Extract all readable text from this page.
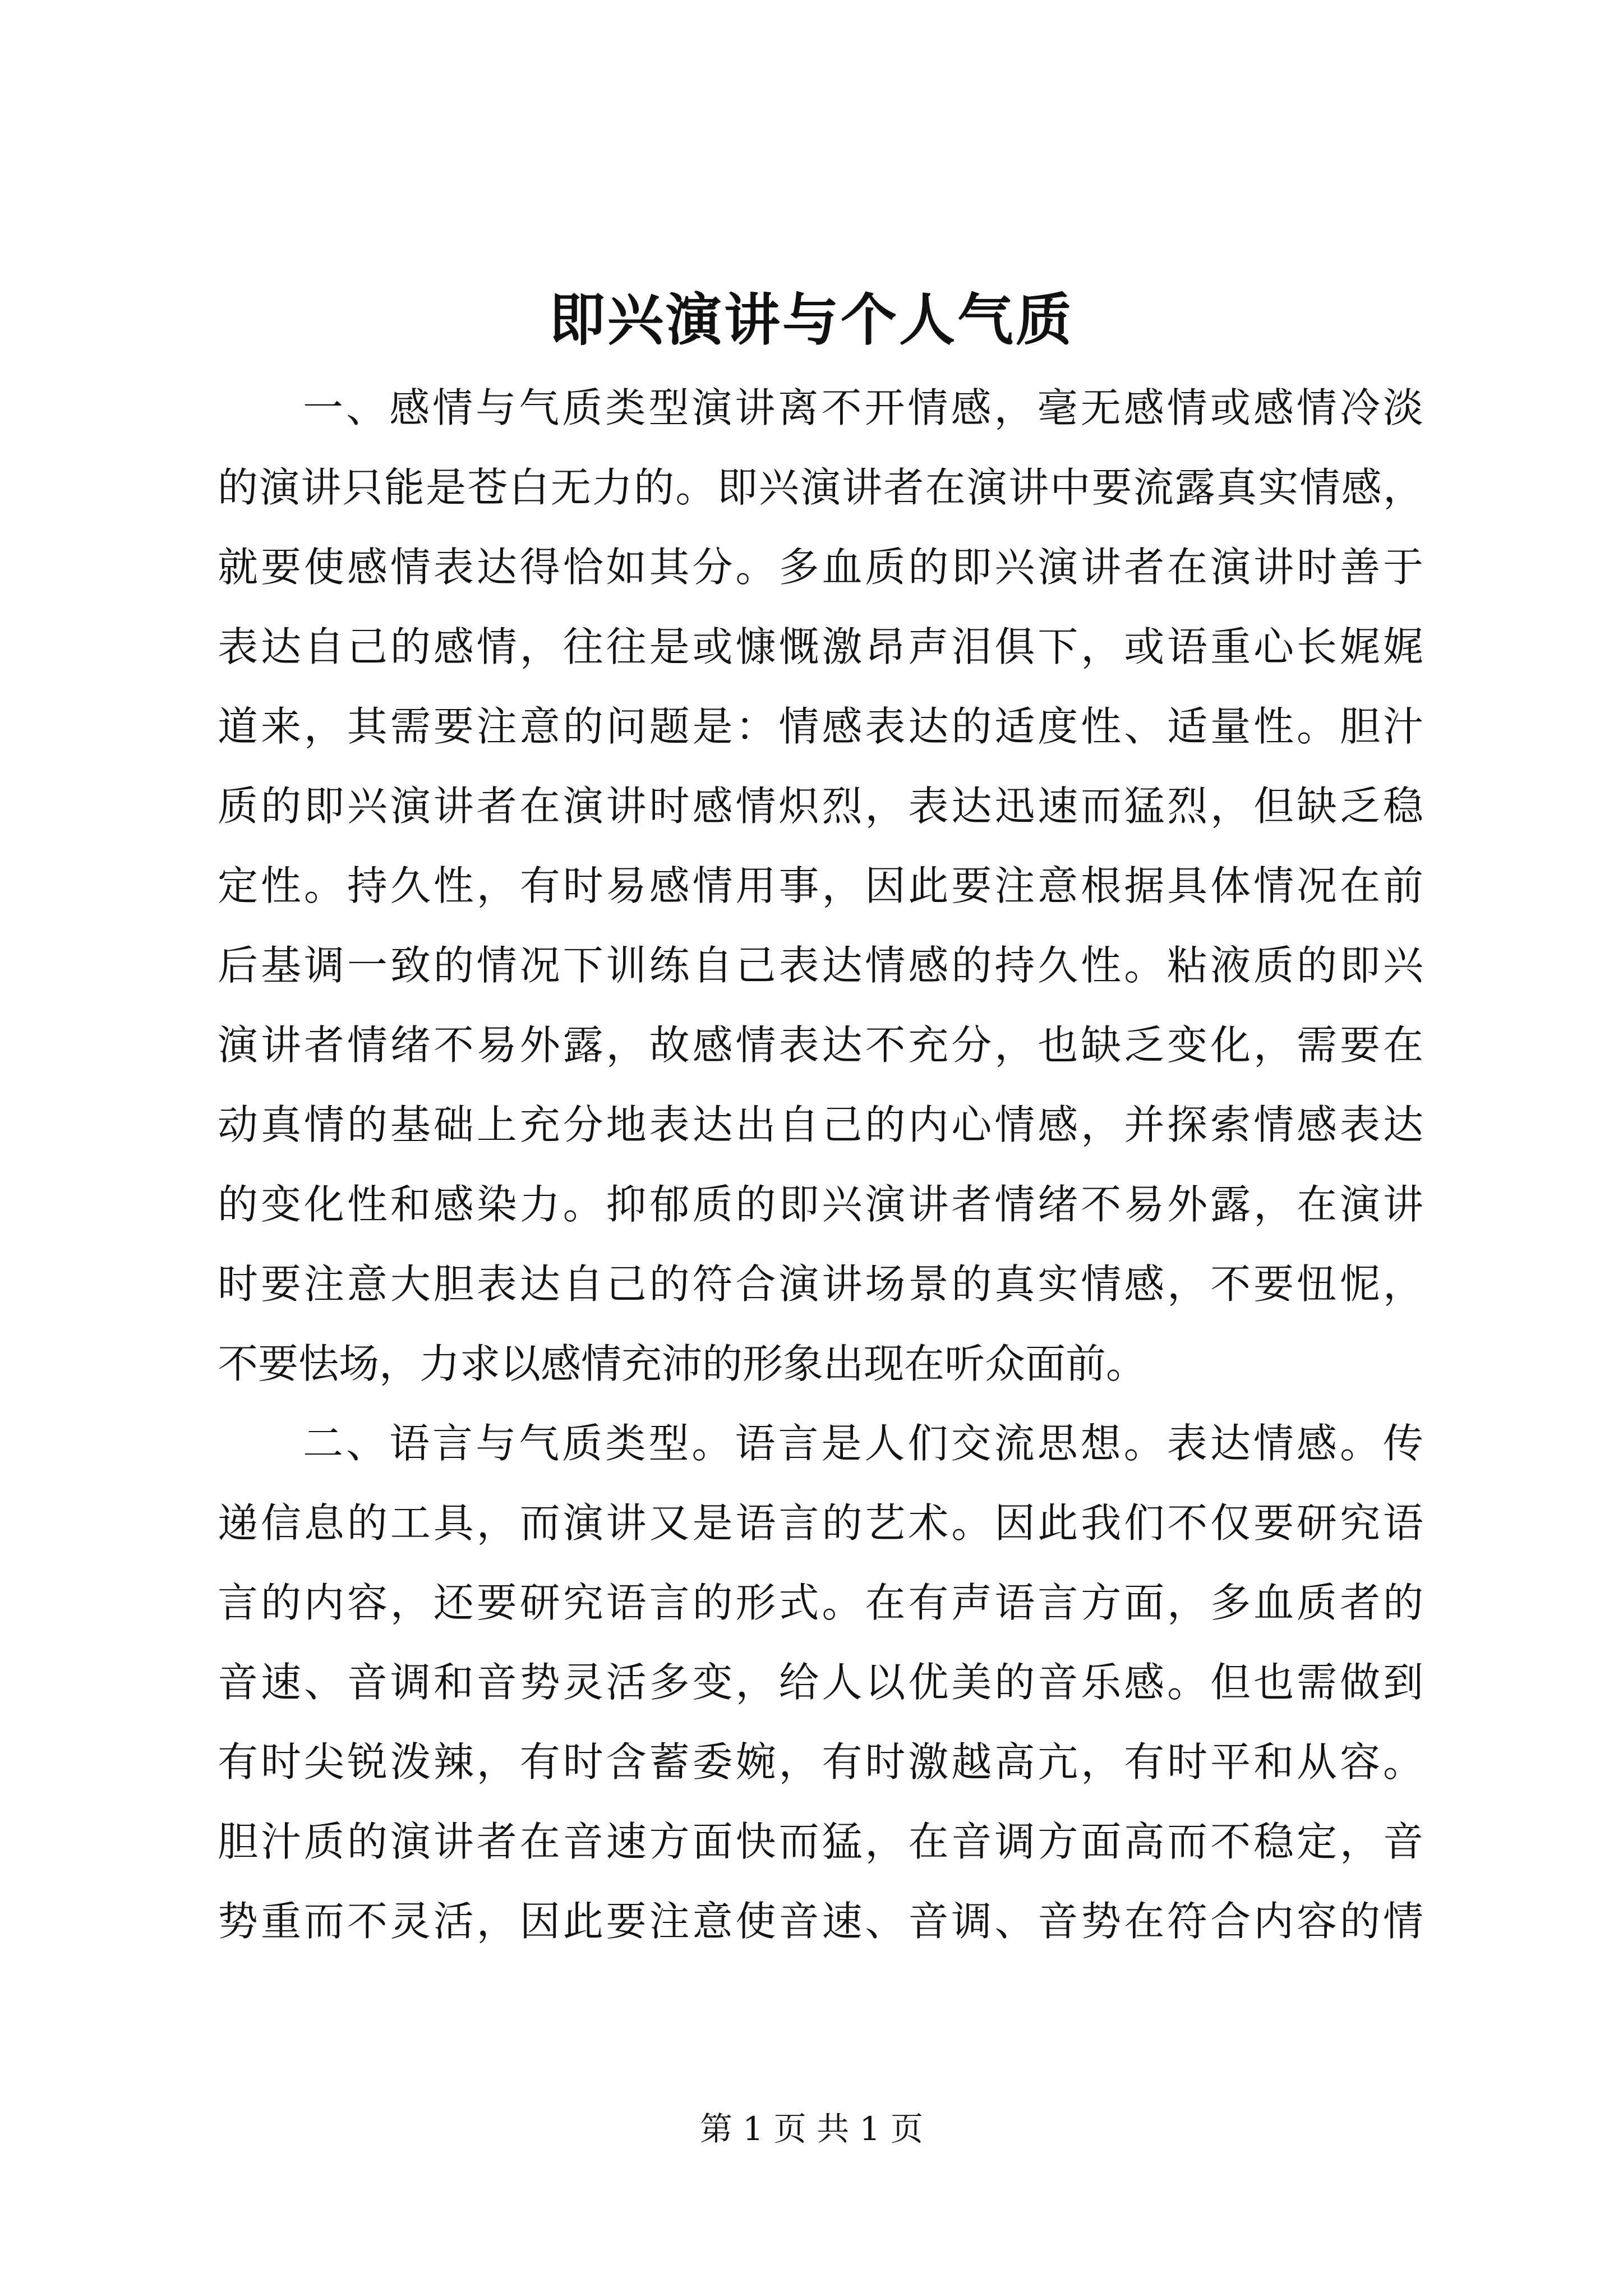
即兴演讲与个人气质
一、感情与气质类型演讲离不开情感，毫无感情或感情冷淡
的演讲只能是苍白无力的。即兴演讲者在演讲中要流露真实情感，
就要使感情表达得恰如其分。多血质的即兴演讲者在演讲时善于
表达自己的感情，往往是或慷慨激昂声泪俱下，或语重心长娓娓
道来，其需要注意的问题是：情感表达的适度性、适量性。胆汁
质的即兴演讲者在演讲时感情炽烈，表达迅速而猛烈，但缺乏稳
定性。持久性，有时易感情用事，因此要注意根据具体情况在前
后基调一致的情况下训练自己表达情感的持久性。粘液质的即兴
演讲者情绪不易外露，故感情表达不充分，也缺乏变化，需要在
动真情的基础上充分地表达出自己的内心情感，并探索情感表达
的变化性和感染力。抑郁质的即兴演讲者情绪不易外露，在演讲
时要注意大胆表达自己的符合演讲场景的真实情感，不要忸怩，
不要怯场，力求以感情充沛的形象出现在听众面前。
二、语言与气质类型。语言是人们交流思想。表达情感。传
递信息的工具，而演讲又是语言的艺术。因此我们不仅要研究语
言的内容，还要研究语言的形式。在有声语言方面，多血质者的
音速、音调和音势灵活多变，给人以优美的音乐感。但也需做到
有时尖锐泼辣，有时含蓄委婉，有时激越高亢，有时平和从容。
胆汁质的演讲者在音速方面快而猛，在音调方面高而不稳定，音
势重而不灵活，因此要注意使音速、音调、音势在符合内容的情
第 1 页 共 1 页
